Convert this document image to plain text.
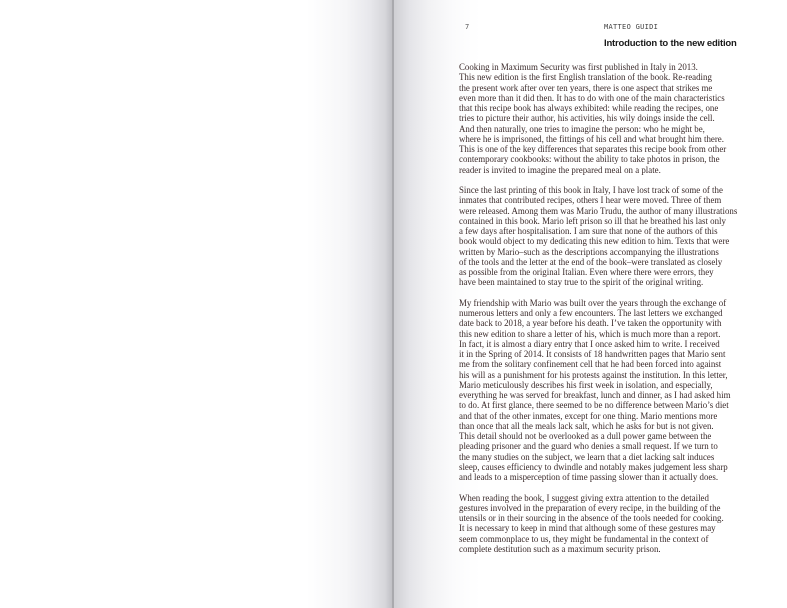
7	MATTEO GUIDI
Introduction to the new edition

Cooking in Maximum Security was first published in Italy in 2013.
This new edition is the first English translation of the book. Re-reading
the present work after over ten years, there is one aspect that strikes me
even more than it did then. It has to do with one of the main characteristics
that this recipe book has always exhibited: while reading the recipes, one
tries to picture their author, his activities, his wily doings inside the cell.
And then naturally, one tries to imagine the person: who he might be,
where he is imprisoned, the fittings of his cell and what brought him there.
This is one of the key differences that separates this recipe book from other
contemporary cookbooks: without the ability to take photos in prison, the
reader is invited to imagine the prepared meal on a plate.

Since the last printing of this book in Italy, I have lost track of some of the
inmates that contributed recipes, others I hear were moved. Three of them
were released. Among them was Mario Trudu, the author of many illustrations
contained in this book. Mario left prison so ill that he breathed his last only
a few days after hospitalisation. I am sure that none of the authors of this
book would object to my dedicating this new edition to him. Texts that were
written by Mario–such as the descriptions accompanying the illustrations
of the tools and the letter at the end of the book–were translated as closely
as possible from the original Italian. Even where there were errors, they
have been maintained to stay true to the spirit of the original writing.

My friendship with Mario was built over the years through the exchange of
numerous letters and only a few encounters. The last letters we exchanged
date back to 2018, a year before his death. I’ve taken the opportunity with
this new edition to share a letter of his, which is much more than a report.
In fact, it is almost a diary entry that I once asked him to write. I received
it in the Spring of 2014. It consists of 18 handwritten pages that Mario sent
me from the solitary confinement cell that he had been forced into against
his will as a punishment for his protests against the institution. In this letter,
Mario meticulously describes his first week in isolation, and especially,
everything he was served for breakfast, lunch and dinner, as I had asked him
to do. At first glance, there seemed to be no difference between Mario’s diet
and that of the other inmates, except for one thing. Mario mentions more
than once that all the meals lack salt, which he asks for but is not given.
This detail should not be overlooked as a dull power game between the
pleading prisoner and the guard who denies a small request. If we turn to
the many studies on the subject, we learn that a diet lacking salt induces
sleep, causes efficiency to dwindle and notably makes judgement less sharp
and leads to a misperception of time passing slower than it actually does.

When reading the book, I suggest giving extra attention to the detailed
gestures involved in the preparation of every recipe, in the building of the
utensils or in their sourcing in the absence of the tools needed for cooking.
It is necessary to keep in mind that although some of these gestures may
seem commonplace to us, they might be fundamental in the context of
complete destitution such as a maximum security prison.
